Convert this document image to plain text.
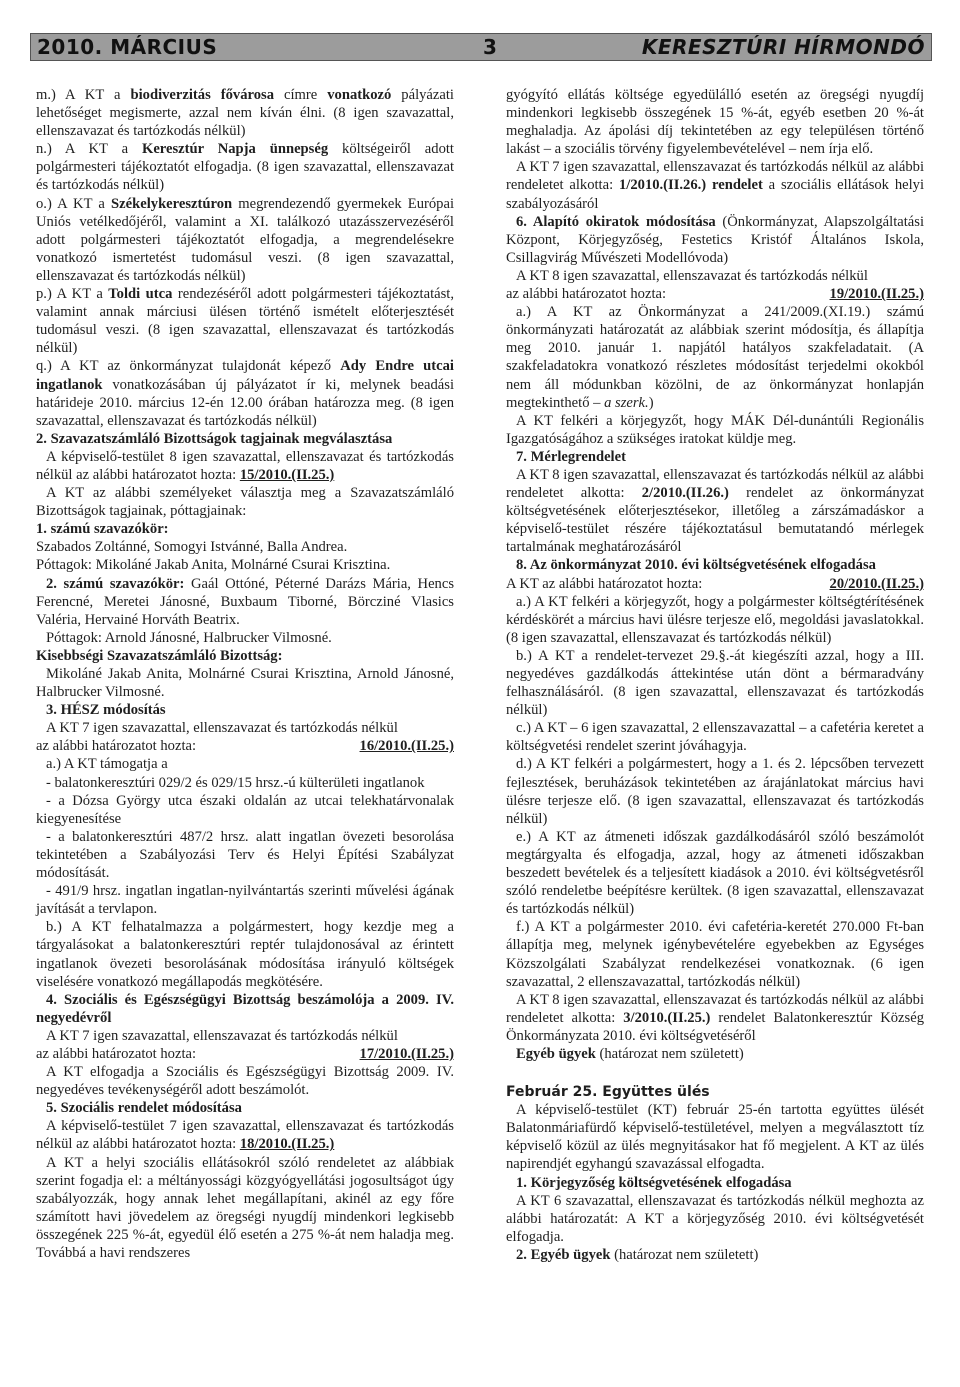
2010. MÁRCIUS	3	KERESZTÚRI HÍRMONDÓ

m.) A KT a biodiverzitás fővárosa címre vonatkozó pályázati lehetőséget megismerte, azzal nem kíván élni. (8 igen szavazattal, ellenszavazat és tartózkodás nélkül)

n.) A KT a Keresztúr Napja ünnepség költségeiről adott polgármesteri tájékoztatót elfogadja. (8 igen szavazattal, ellenszavazat és tartózkodás nélkül)

o.) A KT a Székelykeresztúron megrendezendő gyermekek Európai Uniós vetélkedőjéről, valamint a XI. találkozó utazásszervezéséről adott polgármesteri tájékoztatót elfogadja, a megrendelésekre vonatkozó ismertetést tudomásul veszi. (8 igen szavazattal, ellenszavazat és tartózkodás nélkül)

p.) A KT a Toldi utca rendezéséről adott polgármesteri tájékoztatást, valamint annak márciusi ülésen történő ismételt előterjesztését tudomásul veszi. (8 igen szavazattal, ellenszavazat és tartózkodás nélkül)

q.) A KT az önkormányzat tulajdonát képező Ady Endre utcai ingatlanok vonatkozásában új pályázatot ír ki, melynek beadási határideje 2010. március 12-én 12.00 órában határozza meg. (8 igen szavazattal, ellenszavazat és tartózkodás nélkül)

2. Szavazatszámláló Bizottságok tagjainak megválasztása

A képviselő-testület 8 igen szavazattal, ellenszavazat és tartózkodás nélkül az alábbi határozatot hozta: 15/2010.(II.25.)

A KT az alábbi személyeket választja meg a Szavazatszámláló Bizottságok tagjainak, póttagjainak:

1. számú szavazókör:

Szabados Zoltánné, Somogyi Istvánné, Balla Andrea.

Póttagok: Mikoláné Jakab Anita, Molnárné Csurai Krisztina.

2. számú szavazókör: Gaál Ottóné, Péterné Darázs Mária, Hencs Ferencné, Meretei Jánosné, Buxbaum Tiborné, Börcziné Vlasics Valéria, Hervainé Horváth Beatrix.

Póttagok: Arnold Jánosné, Halbrucker Vilmosné.

Kisebbségi Szavazatszámláló Bizottság:

Mikoláné Jakab Anita, Molnárné Csurai Krisztina, Arnold Jánosné, Halbrucker Vilmosné.

3. HÉSZ módosítás

A KT 7 igen szavazattal, ellenszavazat és tartózkodás nélkül

az alábbi határozatot hozta:	16/2010.(II.25.)

a.) A KT támogatja a

- balatonkeresztúri 029/2 és 029/15 hrsz.-ú külterületi ingatlanok

- a Dózsa György utca északi oldalán az utcai telekhatárvonalak kiegyenesítése

- a balatonkeresztúri 487/2 hrsz. alatt ingatlan övezeti besorolása tekintetében a Szabályozási Terv és Helyi Építési Szabályzat módosítását.

- 491/9 hrsz. ingatlan ingatlan-nyilvántartás szerinti művelési ágának javítását a tervlapon.

b.) A KT felhatalmazza a polgármestert, hogy kezdje meg a tárgyalásokat a balatonkeresztúri reptér tulajdonosával az érintett ingatlanok övezeti besorolásának módosítása irányuló költségek viselésére vonatkozó megállapodás megkötésére.

4. Szociális és Egészségügyi Bizottság beszámolója a 2009. IV. negyedévről

A KT 7 igen szavazattal, ellenszavazat és tartózkodás nélkül

az alábbi határozatot hozta:	17/2010.(II.25.)

A KT elfogadja a Szociális és Egészségügyi Bizottság 2009. IV. negyedéves tevékenységéről adott beszámolót.

5. Szociális rendelet módosítása

A képviselő-testület 7 igen szavazattal, ellenszavazat és tartózkodás nélkül az alábbi határozatot hozta: 18/2010.(II.25.)

A KT a helyi szociális ellátásokról szóló rendeletet az alábbiak szerint fogadja el: a méltányossági közgyógyellátási jogosultságot úgy szabályozzák, hogy annak lehet megállapítani, akinél az egy főre számított havi jövedelem az öregségi nyugdíj mindenkori legkisebb összegének 225 %-át, egyedül élő esetén a 275 %-át nem haladja meg. Továbbá a havi rendszeres

gyógyító ellátás költsége egyedülálló esetén az öregségi nyugdíj mindenkori legkisebb összegének 15 %-át, egyéb esetben 20 %-át meghaladja. Az ápolási díj tekintetében az egy településen történő lakást – a szociális törvény figyelembevételével – nem írja elő.

A KT 7 igen szavazattal, ellenszavazat és tartózkodás nélkül az alábbi rendeletet alkotta: 1/2010.(II.26.) rendelet a szociális ellátások helyi szabályozásáról

6. Alapító okiratok módosítása (Önkormányzat, Alapszolgáltatási Központ, Körjegyzőség, Festetics Kristóf Általános Iskola, Csillagvirág Művészeti Modellóvoda)

A KT 8 igen szavazattal, ellenszavazat és tartózkodás nélkül

az alábbi határozatot hozta:	19/2010.(II.25.)

a.) A KT az Önkormányzat a 241/2009.(XI.19.) számú önkormányzati határozatát az alábbiak szerint módosítja, és állapítja meg 2010. január 1. napjától hatályos szakfeladatait. (A szakfeladatokra vonatkozó részletes módosítást terjedelmi okokból nem áll módunkban közölni, de az önkormányzat honlapján megtekinthető – a szerk.)

A KT felkéri a körjegyzőt, hogy MÁK Dél-dunántúli Regionális Igazgatóságához a szükséges iratokat küldje meg.

7. Mérlegrendelet

A KT 8 igen szavazattal, ellenszavazat és tartózkodás nélkül az alábbi rendeletet alkotta: 2/2010.(II.26.) rendelet az önkormányzat költségvetésének előterjesztésekor, illetőleg a zárszámadáskor a képviselő-testület részére tájékoztatásul bemutatandó mérlegek tartalmának meghatározásáról

8. Az önkormányzat 2010. évi költségvetésének elfogadása

A KT az alábbi határozatot hozta:	20/2010.(II.25.)

a.) A KT felkéri a körjegyzőt, hogy a polgármester költségtérítésének kérdéskörét a március havi ülésre terjesze elő, megoldási javaslatokkal. (8 igen szavazattal, ellenszavazat és tartózkodás nélkül)

b.) A KT a rendelet-tervezet 29.§.-át kiegészíti azzal, hogy a III. negyedéves gazdálkodás áttekintése után dönt a bérmaradvány felhasználásáról. (8 igen szavazattal, ellenszavazat és tartózkodás nélkül)

c.) A KT – 6 igen szavazattal, 2 ellenszavazattal – a cafetéria keretet a költségvetési rendelet szerint jóváhagyja.

d.) A KT felkéri a polgármestert, hogy a 1. és 2. lépcsőben tervezett fejlesztések, beruházások tekintetében az árajánlatokat március havi ülésre terjesze elő. (8 igen szavazattal, ellenszavazat és tartózkodás nélkül)

e.) A KT az átmeneti időszak gazdálkodásáról szóló beszámolót megtárgyalta és elfogadja, azzal, hogy az átmeneti időszakban beszedett bevételek és a teljesített kiadások a 2010. évi költségvetésről szóló rendeletbe beépítésre kerültek. (8 igen szavazattal, ellenszavazat és tartózkodás nélkül)

f.) A KT a polgármester 2010. évi cafetéria-keretét 270.000 Ft-ban állapítja meg, melynek igénybevételére egyebekben az Egységes Közszolgálati Szabályzat rendelkezései vonatkoznak. (6 igen szavazattal, 2 ellenszavazattal, tartózkodás nélkül)

A KT 8 igen szavazattal, ellenszavazat és tartózkodás nélkül az alábbi rendeletet alkotta: 3/2010.(II.25.) rendelet Balatonkeresztúr Község Önkormányzata 2010. évi költségvetéséről

Egyéb ügyek (határozat nem született)

Február 25. Együttes ülés

A képviselő-testület (KT) február 25-én tartotta együttes ülését Balatonmáriafürdő képviselő-testületével, melyen a megválasztott tíz képviselő közül az ülés megnyitásakor hat fő megjelent. A KT az ülés napirendjét egyhangú szavazással elfogadta.

1. Körjegyzőség költségvetésének elfogadása

A KT 6 szavazattal, ellenszavazat és tartózkodás nélkül meghozta az alábbi határozatát: A KT a körjegyzőség 2010. évi költségvetését elfogadja.

2. Egyéb ügyek (határozat nem született)
